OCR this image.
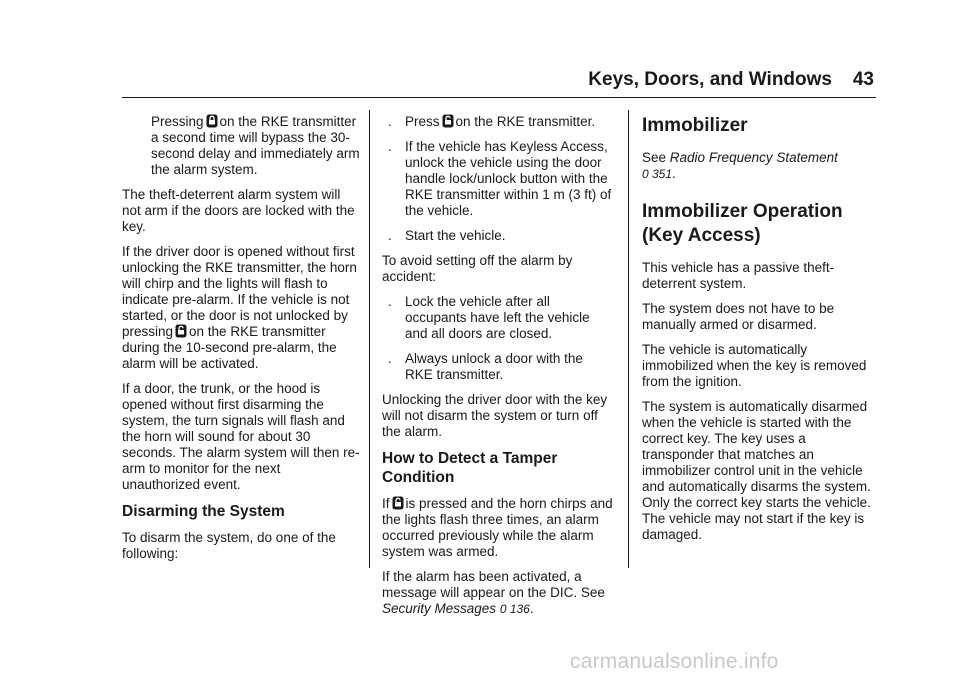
Keys, Doors, and Windows 43

Pressing on the RKE transmitter a second time will bypass the 30-second delay and immediately arm the alarm system.

The theft-deterrent alarm system will not arm if the doors are locked with the key.

If the driver door is opened without first unlocking the RKE transmitter, the horn will chirp and the lights will flash to indicate pre-alarm. If the vehicle is not started, or the door is not unlocked by pressing on the RKE transmitter during the 10-second pre-alarm, the alarm will be activated.

If a door, the trunk, or the hood is opened without first disarming the system, the turn signals will flash and the horn will sound for about 30 seconds. The alarm system will then re-arm to monitor for the next unauthorized event.

Disarming the System

To disarm the system, do one of the following:

. Press on the RKE transmitter.
. If the vehicle has Keyless Access, unlock the vehicle using the door handle lock/unlock button with the RKE transmitter within 1 m (3 ft) of the vehicle.
. Start the vehicle.

To avoid setting off the alarm by accident:

. Lock the vehicle after all occupants have left the vehicle and all doors are closed.
. Always unlock a door with the RKE transmitter.

Unlocking the driver door with the key will not disarm the system or turn off the alarm.

How to Detect a Tamper Condition

If is pressed and the horn chirps and the lights flash three times, an alarm occurred previously while the alarm system was armed.

If the alarm has been activated, a message will appear on the DIC. See Security Messages 0 136.

Immobilizer

See Radio Frequency Statement
0 351.

Immobilizer Operation (Key Access)

This vehicle has a passive theft-deterrent system.

The system does not have to be manually armed or disarmed.

The vehicle is automatically immobilized when the key is removed from the ignition.

The system is automatically disarmed when the vehicle is started with the correct key. The key uses a transponder that matches an immobilizer control unit in the vehicle and automatically disarms the system. Only the correct key starts the vehicle. The vehicle may not start if the key is damaged.

carmanualsonline.info
